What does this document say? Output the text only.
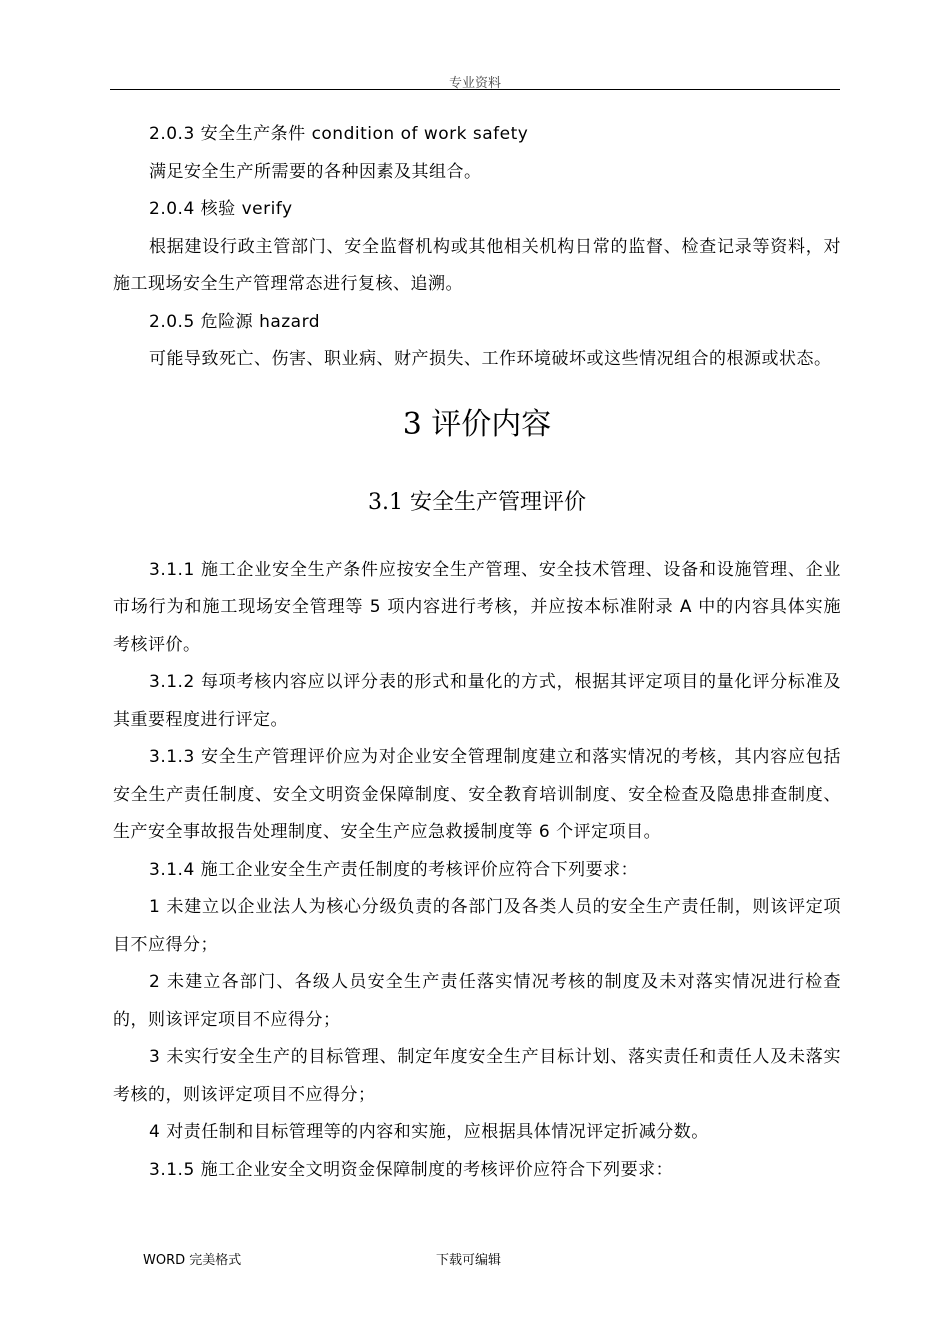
专业资料

2.0.3 安全生产条件 condition of work safety

满足安全生产所需要的各种因素及其组合。

2.0.4 核验 verify

根据建设行政主管部门、安全监督机构或其他相关机构日常的监督、检查记录等资料，对施工现场安全生产管理常态进行复核、追溯。

2.0.5 危险源 hazard

可能导致死亡、伤害、职业病、财产损失、工作环境破坏或这些情况组合的根源或状态。

3 评价内容
3.1 安全生产管理评价

3.1.1 施工企业安全生产条件应按安全生产管理、安全技术管理、设备和设施管理、企业市场行为和施工现场安全管理等 5 项内容进行考核，并应按本标准附录 A 中的内容具体实施考核评价。

3.1.2 每项考核内容应以评分表的形式和量化的方式，根据其评定项目的量化评分标准及其重要程度进行评定。

3.1.3 安全生产管理评价应为对企业安全管理制度建立和落实情况的考核，其内容应包括安全生产责任制度、安全文明资金保障制度、安全教育培训制度、安全检查及隐患排查制度、生产安全事故报告处理制度、安全生产应急救援制度等 6 个评定项目。

3.1.4 施工企业安全生产责任制度的考核评价应符合下列要求：

1 未建立以企业法人为核心分级负责的各部门及各类人员的安全生产责任制，则该评定项目不应得分；

2 未建立各部门、各级人员安全生产责任落实情况考核的制度及未对落实情况进行检查的，则该评定项目不应得分；

3 未实行安全生产的目标管理、制定年度安全生产目标计划、落实责任和责任人及未落实考核的，则该评定项目不应得分；

4 对责任制和目标管理等的内容和实施，应根据具体情况评定折减分数。

3.1.5 施工企业安全文明资金保障制度的考核评价应符合下列要求：

WORD 完美格式	下载可编辑
